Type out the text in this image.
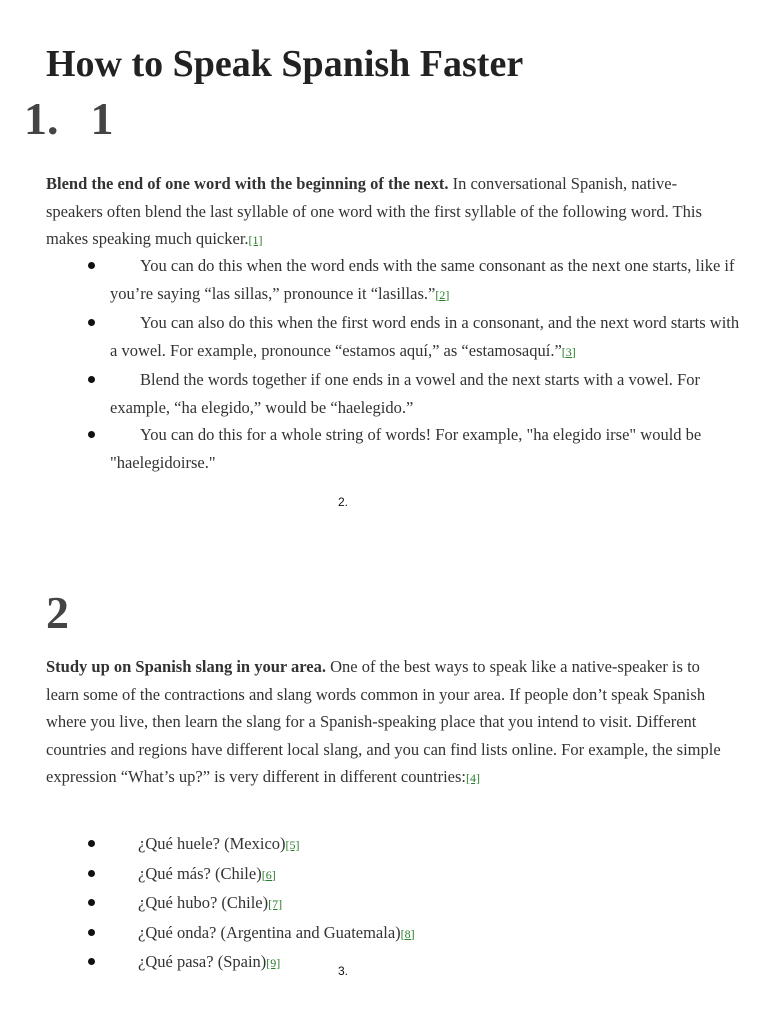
How to Speak Spanish Faster
1. 1

Blend the end of one word with the beginning of the next. In conversational Spanish, native-speakers often blend the last syllable of one word with the first syllable of the following word. This makes speaking much quicker.[1]

You can do this when the word ends with the same consonant as the next one starts, like if you’re saying “las sillas,” pronounce it “lasillas.”[2]
You can also do this when the first word ends in a consonant, and the next word starts with a vowel. For example, pronounce “estamos aquí,” as “estamosaquí.”[3]
Blend the words together if one ends in a vowel and the next starts with a vowel. For example, “ha elegido,” would be “haelegido.”
You can do this for a whole string of words! For example, "ha elegido irse" would be "haelegidoirse."
2.
2

Study up on Spanish slang in your area. One of the best ways to speak like a native-speaker is to learn some of the contractions and slang words common in your area. If people don’t speak Spanish where you live, then learn the slang for a Spanish-speaking place that you intend to visit. Different countries and regions have different local slang, and you can find lists online. For example, the simple expression “What’s up?” is very different in different countries:[4]

¿Qué huele? (Mexico)[5]
¿Qué más? (Chile)[6]
¿Qué hubo? (Chile)[7]
¿Qué onda? (Argentina and Guatemala)[8]
¿Qué pasa? (Spain)[9]
3.
